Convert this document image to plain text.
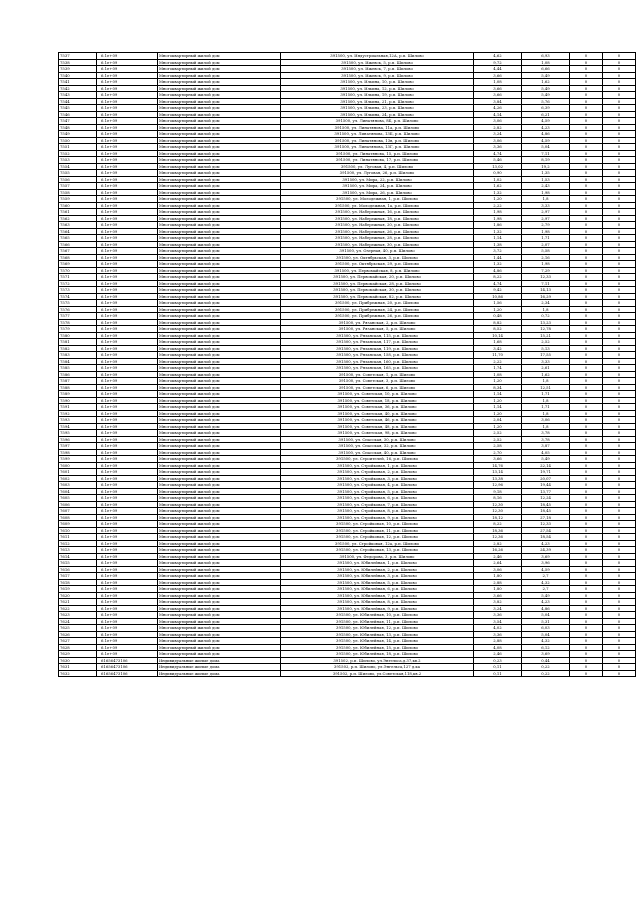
7537	6.1e+09	Многоквартирный жилой дом	391500, ул. Индустриальная,12А, р.п. Шилово	4,62	6,93	0	0
7538	6.1e+09	Многоквартирный жилой дом	391500, ул. Ижевск, 5, р.п. Шилово	9,72	1,08	0	0
7539	6.1e+09	Многоквартирный жилой дом	391500, ул. Ижевск, 7, р.п. Шилово	4,44	6,66	0	0
7540	6.1e+09	Многоквартирный жилой дом	391500, ул. Ижевск, 9, р.п. Шилово	3,66	5,49	0	0
7541	6.1e+09	Многоквартирный жилой дом	391500, ул. Ильина, 10, р.п. Шилово	1,08	1,62	0	0
7542	6.1e+09	Многоквартирный жилой дом	391500, ул. Ильина, 12, р.п. Шилово	3,66	5,49	0	0
7543	6.1e+09	Многоквартирный жилой дом	391500, ул. Ильина, 19, р.п. Шилово	3,66	5,49	0	0
7544	6.1e+09	Многоквартирный жилой дом	391500, ул. Ильина, 21, р.п. Шилово	3,84	5,76	0	0
7545	6.1e+09	Многоквартирный жилой дом	391500, ул. Ильина, 23, р.п. Шилово	4,26	6,39	0	0
7546	6.1e+09	Многоквартирный жилой дом	391500, ул. Ильина, 24, р.п. Шилово	4,14	6,21	0	0
7547	6.1e+09	Многоквартирный жилой дом	391500, ул. Линатянова, 8Б, р.п. Шилово	3,06	4,59	0	0
7548	6.1e+09	Многоквартирный жилой дом	391500, ул. Линатянова, 11а, р.п. Шилово	2,82	4,23	0	0
7549	6.1e+09	Многоквартирный жилой дом	391500, ул. Линатянова, 13Б, р.п. Шилово	3,24	4,86	0	0
7550	6.1e+09	Многоквартирный жилой дом	391500, ул. Линатянова, 13в, р.п. Шилово	3,06	4,59	0	0
7551	6.1e+09	Многоквартирный жилой дом	391500, ул. Линатянова, 13Г, р.п. Шилово	3,36	5,04	0	0
7552	6.1e+09	Многоквартирный жилой дом	391500, ул. Линатянова, 15, р.п. Шилово	4,74	7,11	0	0
7553	6.1e+09	Многоквартирный жилой дом	391500, ул. Линатянова, 17, р.п. Шилово	5,46	8,19	0	0
7554	6.1e+09	Многоквартирный жилой дом	391500, ул. Луговая, 4, р.п. Шилово	13,02	19,2	0	0
7555	6.1e+09	Многоквартирный жилой дом	391500, ул. Луговая, 26, р.п. Шилово	0,90	1,35	0	0
7556	6.1e+09	Многоквартирный жилой дом	391500, ул. Мира, 22, р.п. Шилово	1,02	1,53	0	0
7557	6.1e+09	Многоквартирный жилой дом	391500, ул. Мира, 24, р.п. Шилово	1,62	2,43	0	0
7558	6.1e+09	Многоквартирный жилой дом	391500, ул. Мира, 26, р.п. Шилово	1,32	1,98	0	0
7559	6.1e+09	Многоквартирный жилой дом	391500, ул. Молодежная, 1, р.п. Шилово	1,20	1,8	0	0
7560	6.1e+09	Многоквартирный жилой дом	391500, ул. Молодежная, 1а, р.п. Шилово	2,22	3,33	0	0
7561	6.1e+09	Многоквартирный жилой дом	391500, ул. Набережная, 16, р.п. Шилово	1,98	2,97	0	0
7562	6.1e+09	Многоквартирный жилой дом	391500, ул. Набережная, 18, р.п. Шилово	1,98	2,97	0	0
7563	6.1e+09	Многоквартирный жилой дом	391500, ул. Набережная, 20, р.п. Шилово	1,86	2,79	0	0
7564	6.1e+09	Многоквартирный жилой дом	391500, ул. Набережная, 26, р.п. Шилово	1,32	1,98	0	0
7565	6.1e+09	Многоквартирный жилой дом	391500, ул. Набережная, 28, р.п. Шилово	1,14	1,71	0	0
7566	6.1e+09	Многоквартирный жилой дом	391500, ул. Набережная, 30, р.п. Шилово	1,38	2,07	0	0
7567	6.1e+09	Многоквартирный жилой дом	391500, ул. Озерная, 40, р.п. Шилово	3,72	5,58	0	0
7568	6.1e+09	Многоквартирный жилой дом	391500, ул. Октябрьская, 3, р.п. Шилово	1,44	2,16	0	0
7569	6.1e+09	Многоквартирный жилой дом	391500, ул. Октябрьская, 29, р.п. Шилово	1,32	1,98	0	0
7570	6.1e+09	Многоквартирный жилой дом	391500, ул. Первомайская, 8, р.п. Шилово	4,86	7,29	0	0
7571	6.1e+09	Многоквартирный жилой дом	391500, ул. Первомайская, 20, р.п. Шилово	8,22	12,33	0	0
7572	6.1e+09	Многоквартирный жилой дом	391500, ул. Первомайская, 28, р.п. Шилово	4,74	7,11	0	0
7573	6.1e+09	Многоквартирный жилой дом	391500, ул. Первомайская, 30, р.п. Шилово	9,42	14,13	0	0
7574	6.1e+09	Многоквартирный жилой дом	391500, ул. Первомайская, 82, р.п. Шилово	10,86	16,29	0	0
7575	6.1e+09	Многоквартирный жилой дом	391500, ул. Прибрежная, 20, р.п. Шилово	1,56	2,34	0	0
7576	6.1e+09	Многоквартирный жилой дом	391500, ул. Прибрежная, 24, р.п. Шилово	1,20	1,8	0	0
7577	6.1e+09	Многоквартирный жилой дом	391500, ул. Прибрежная, 26, р.п. Шилово	0,48	0,72	0	0
7578	6.1e+09	Многоквартирный жилой дом	391500, ул. Рязанская, 2, р.п. Шилово	8,82	13,23	0	0
7579	6.1e+09	Многоквартирный жилой дом	391500, ул. Рязанская, 5, р.п. Шилово	8,52	12,78	0	0
7580	6.1e+09	Многоквартирный жилой дом	391500, ул. Рязанская, 115, р.п. Шилово	10,14	15,21	0	0
7581	6.1e+09	Многоквартирный жилой дом	391500, ул. Рязанская, 117, р.п. Шилово	1,68	2,52	0	0
7582	6.1e+09	Многоквартирный жилой дом	391500, ул. Рязанская, 119, р.п. Шилово	3,42	5,13	0	0
7583	6.1e+09	Многоквартирный жилой дом	391500, ул. Рязанская, 158, р.п. Шилово	11,70	17,55	0	0
7584	6.1e+09	Многоквартирный жилой дом	391500, ул. Рязанская, 160, р.п. Шилово	2,22	3,33	0	0
7585	6.1e+09	Многоквартирный жилой дом	391500, ул. Рязанская, 165, р.п. Шилово	1,74	2,61	0	0
7586	6.1e+09	Многоквартирный жилой дом	391500, ул. Советская, 1, р.п. Шилово	1,08	1,62	0	0
7587	6.1e+09	Многоквартирный жилой дом	391500, ул. Советская, 3, р.п. Шилово	1,20	1,8	0	0
7588	6.1e+09	Многоквартирный жилой дом	391500, ул. Советская, 6, р.п. Шилово	8,34	12,51	0	0
7589	6.1e+09	Многоквартирный жилой дом	391500, ул. Советская, 10, р.п. Шилово	1,14	1,71	0	0
7590	6.1e+09	Многоквартирный жилой дом	391500, ул. Советская, 18, р.п. Шилово	1,20	1,8	0	0
7591	6.1e+09	Многоквартирный жилой дом	391500, ул. Советская, 36, р.п. Шилово	1,14	1,71	0	0
7592	6.1e+09	Многоквартирный жилой дом	391500, ул. Советская, 40, р.п. Шилово	1,20	1,8	0	0
7593	6.1e+09	Многоквартирный жилой дом	391500, ул. Советская, 46, р.п. Шилово	2,04	3,06	0	0
7594	6.1e+09	Многоквартирный жилой дом	391500, ул. Советская, 48, р.п. Шилово	1,20	1,8	0	0
7595	6.1e+09	Многоквартирный жилой дом	391500, ул. Советская, 98, р.п. Шилово	2,52	3,78	0	0
7596	6.1e+09	Многоквартирный жилой дом	391500, ул. Спасская, 30, р.п. Шилово	2,52	3,78	0	0
7597	6.1e+09	Многоквартирный жилой дом	391500, ул. Спасская, 32, р.п. Шилово	2,58	3,87	0	0
7598	6.1e+09	Многоквартирный жилой дом	391500, ул. Спасская, 40, р.п. Шилово	2,70	4,05	0	0
7599	6.1e+09	Многоквартирный жилой дом	391500, ул. Строителей, 16, р.п. Шилово	3,66	5,49	0	0
7600	6.1e+09	Многоквартирный жилой дом	391500, ул. Стройковая, 1, р.п. Шилово	14,76	22,14	0	0
7601	6.1e+09	Многоквартирный жилой дом	391500, ул. Стройковая, 2, р.п. Шилово	13,14	19,71	0	0
7602	6.1e+09	Многоквартирный жилой дом	391500, ул. Стройковая, 3, р.п. Шилово	13,38	20,07	0	0
7603	6.1e+09	Многоквартирный жилой дом	391500, ул. Стройковая, 4, р.п. Шилово	12,96	19,44	0	0
7604	6.1e+09	Многоквартирный жилой дом	391500, ул. Стройковая, 5, р.п. Шилово	9,18	13,77	0	0
7605	6.1e+09	Многоквартирный жилой дом	391500, ул. Стройковая, 6, р.п. Шилово	8,16	12,24	0	0
7606	6.1e+09	Многоквартирный жилой дом	391500, ул. Стройковая, 7, р.п. Шилово	12,30	18,45	0	0
7607	6.1e+09	Многоквартирный жилой дом	391500, ул. Стройковая, 8, р.п. Шилово	12,30	18,45	0	0
7608	6.1e+09	Многоквартирный жилой дом	391500, ул. Стройковая, 9, р.п. Шилово	18,12	27,18	0	0
7609	6.1e+09	Многоквартирный жилой дом	391500, ул. Стройковая, 10, р.п. Шилово	8,22	12,33	0	0
7610	6.1e+09	Многоквартирный жилой дом	391500, ул. Стройковая, 11, р.п. Шилово	18,36	27,54	0	0
7611	6.1e+09	Многоквартирный жилой дом	391500, ул. Стройковая, 12, р.п. Шилово	12,36	18,54	0	0
7612	6.1e+09	Многоквартирный жилой дом	391500, ул. Стройковая, 12а, р.п. Шилово	2,82	4,23	0	0
7613	6.1e+09	Многоквартирный жилой дом	391500, ул. Стройковая, 13, р.п. Шилово	16,26	24,39	0	0
7614	6.1e+09	Многоквартирный жилой дом	391500, ул. Федорова, 3, р.п. Шилово	2,46	3,69	0	0
7615	6.1e+09	Многоквартирный жилой дом	391500, ул. Юбилейная, 1, р.п. Шилово	2,64	3,96	0	0
7616	6.1e+09	Многоквартирный жилой дом	391500, ул. Юбилейная, 2, р.п. Шилово	3,06	4,59	0	0
7617	6.1e+09	Многоквартирный жилой дом	391500, ул. Юбилейная, 3, р.п. Шилово	1,80	2,7	0	0
7618	6.1e+09	Многоквартирный жилой дом	391500, ул. Юбилейная, 5, р.п. Шилово	2,88	4,32	0	0
7619	6.1e+09	Многоквартирный жилой дом	391500, ул. Юбилейная, 6, р.п. Шилово	1,80	2,7	0	0
7620	6.1e+09	Многоквартирный жилой дом	391500, ул. Юбилейная, 7, р.п. Шилово	3,66	5,49	0	0
7621	6.1e+09	Многоквартирный жилой дом	391500, ул. Юбилейная, 8, р.п. Шилово	3,82	4,23	0	0
7622	6.1e+09	Многоквартирный жилой дом	391500, ул. Юбилейная, 9, р.п. Шилово	3,24	4,86	0	0
7623	6.1e+09	Многоквартирный жилой дом	391500, ул. Юбилейная, 10, р.п. Шилово	3,36	5,04	0	0
7624	6.1e+09	Многоквартирный жилой дом	391500, ул. Юбилейная, 11, р.п. Шилово	3,54	5,31	0	0
7625	6.1e+09	Многоквартирный жилой дом	391500, ул. Юбилейная, 12, р.п. Шилово	4,02	6,03	0	0
7626	6.1e+09	Многоквартирный жилой дом	391500, ул. Юбилейная, 13, р.п. Шилово	3,36	5,04	0	0
7627	6.1e+09	Многоквартирный жилой дом	391500, ул. Юбилейная, 14, р.п. Шилово	2,88	4,32	0	0
7628	6.1e+09	Многоквартирный жилой дом	391500, ул. Юбилейная, 15, р.п. Шилово	4,08	6,12	0	0
7629	6.1e+09	Многоквартирный жилой дом	391500, ул. Юбилейная, 18, р.п. Шилово	2,46	3,69	0	0
7630	61656473106	Индивидуальные жилые дома	391502, р.п. Шилово, ул.Энгельса,д.37,кв.2	0,23	0,44	0	0
7631	61656473106	Индивидуальные жилые дома	391502, р.п. Шилово, ул.Энгельса,127 д.ка	0,11	0,22	0	0
7632	61656473106	Индивидуальные жилые дома	391502, р.п. Шилово, ул.Советская,118,кв.2	0,11	0,22	0	0
